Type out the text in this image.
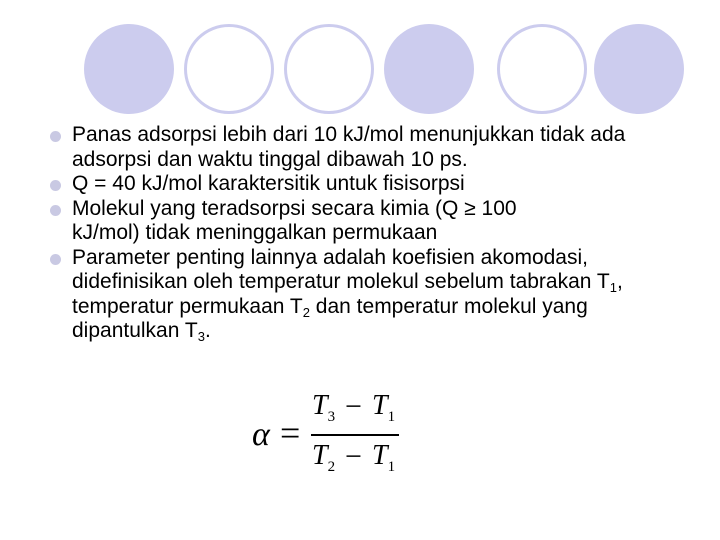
Panas adsorpsi lebih dari 10 kJ/mol menunjukkan tidak ada adsorpsi dan waktu tinggal dibawah 10 ps.
Q = 40 kJ/mol karaktersitik untuk fisisorpsi
Molekul yang teradsorpsi secara kimia (Q ≥ 100
kJ/mol) tidak meninggalkan permukaan
Parameter penting lainnya adalah koefisien akomodasi, didefinisikan oleh temperatur molekul sebelum tabrakan $T_1$, temperatur permukaan $T_2$ dan temperatur molekul yang dipantulkan $T_3$.
α =
$T_3 - T_1$
$T_2 - T_1$
